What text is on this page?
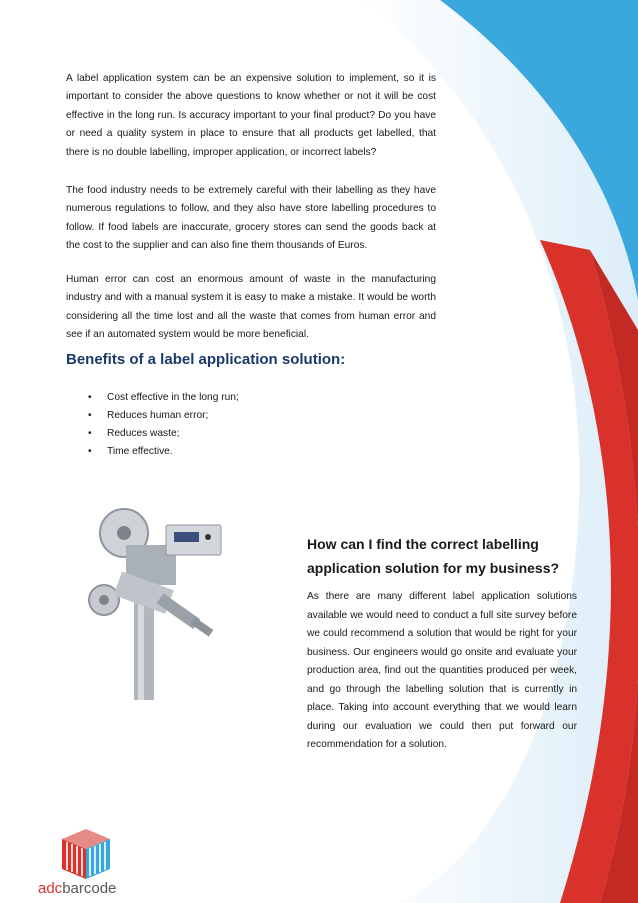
A label application system can be an expensive solution to implement, so it is important to consider the above questions to know whether or not it will be cost effective in the long run. Is accuracy important to your final product? Do you have or need a quality system in place to ensure that all products get labelled, that there is no double labelling, improper application, or incorrect labels?

The food industry needs to be extremely careful with their labelling as they have numerous regulations to follow, and they also have store labelling procedures to follow. If food labels are inaccurate, grocery stores can send the goods back at the cost to the supplier and can also fine them thousands of Euros.

Human error can cost an enormous amount of waste in the manufacturing industry and with a manual system it is easy to make a mistake. It would be worth considering all the time lost and all the waste that comes from human error and see if an automated system would be more beneficial.

Benefits of a label application solution:
• Cost effective in the long run;
• Reduces human error;
• Reduces waste;
• Time effective.
How can I find the correct labelling application solution for my business?

As there are many different label application solutions available we would need to conduct a full site survey before we could recommend a solution that would be right for your business. Our engineers would go onsite and evaluate your production area, find out the quantities produced per week, and go through the labelling solution that is currently in place. Taking into account everything that we would learn during our evaluation we could then put forward our recommendation for a solution.

adcbarcode
